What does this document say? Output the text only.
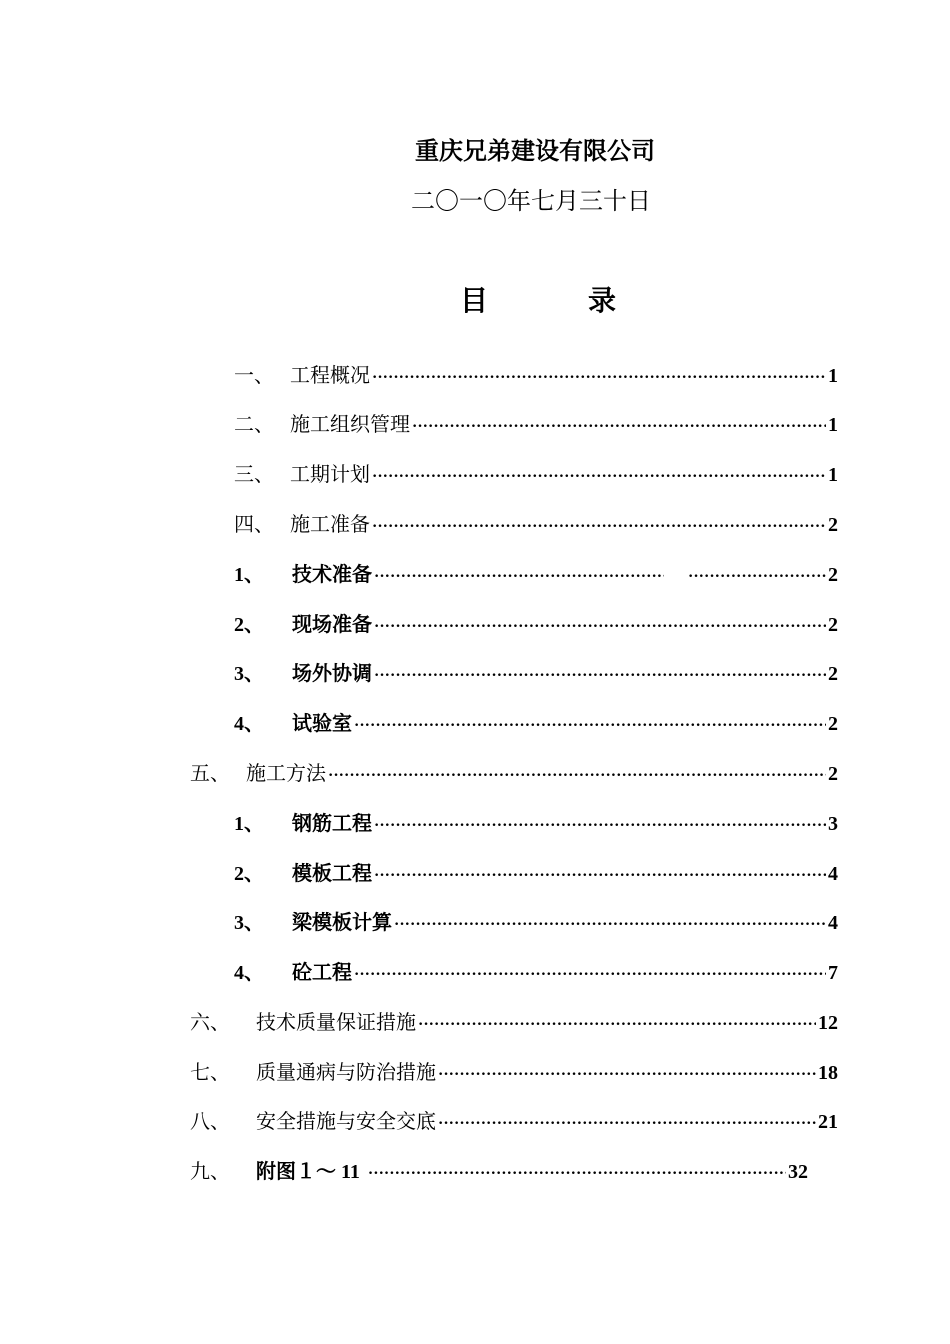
重庆兄弟建设有限公司
二〇一〇年七月三十日
目	录
一、 工程概况 ·····	1
二、 施工组织管理 ·····	1
三、 工期计划 ·····	1
四、 施工准备 ·····	2
1、	技术准备 ····· ·····	2
2、	现场准备 ·····	2
3、	场外协调 ·····	2
4、	试验室 ·····	2
五、 施工方法 ·····	2
1、	钢筋工程 ·····	3
2、	模板工程 ·····	4
3、	梁模板计算 ·····	4
4、	砼工程 ·····	7
六、	技术质量保证措施 ·····	12
七、	质量通病与防治措施 ·····	18
八、	安全措施与安全交底 ·····	21
九、	附图１～ 11 ·····	32
